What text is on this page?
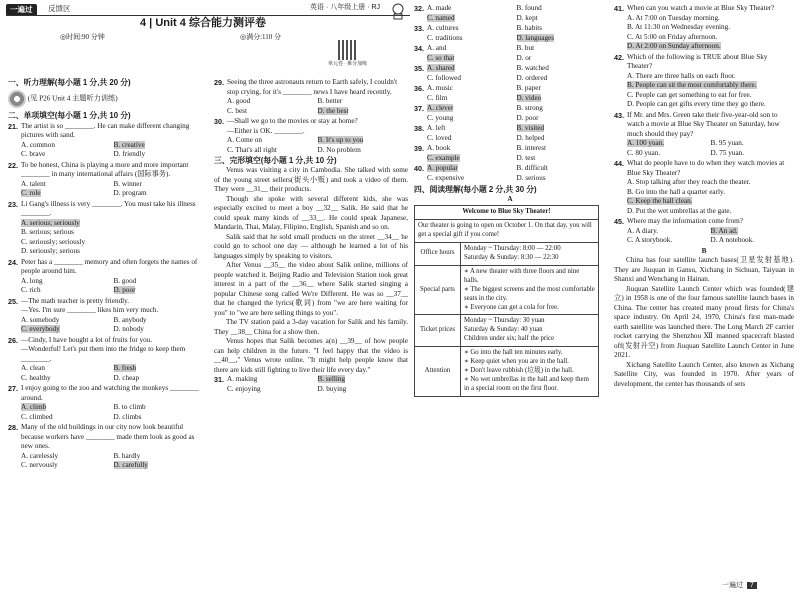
一遍过	反馈区	英语 · 八年级上册 · RJ
4 | Unit 4 综合能力测评卷
◎时间:90 分钟	◎满分:110 分
单元卷 · 难分加练
一、听力理解(每小题 1 分,共 20 分)
(见 P26 Unit 4 主题听力训练)
二、单项填空(每小题 1 分,共 10 分)
21. The artist is so ________. He can make different changing pictures with sand.
A. common	B. creative
C. brave	D. friendly
22. To be honest, China is playing a more and more important ________ in many international affairs (国际事务).
A. talent	B. winner
C. role	D. program
23. Li Gang's illness is very ________. You must take his illness ________.
A. serious; seriously
B. serious; serious
C. seriously; seriously
D. seriously; serious
24. Peter has a ________ memory and often forgets the names of people around him.
A. long	B. good
C. rich	D. poor
25. —The math teacher is pretty friendly.
—Yes. I'm sure ________ likes him very much.
A. somebody	B. anybody
C. everybody	D. nobody
26. —Cindy, I have bought a lot of fruits for you.
—Wonderful! Let's put them into the fridge to keep them ________.
A. clean	B. fresh
C. healthy	D. cheap
27. I enjoy going to the zoo and watching the monkeys ________ around.
A. climb	B. to climb
C. climbed	D. climbs
28. Many of the old buildings in our city now look beautiful because workers have ________ made them look as good as new ones.
A. carelessly	B. hardly
C. nervously	D. carefully
29. Seeing the three astronauts return to Earth safely, I couldn't stop crying, for it's ________ news I have heard recently.
A. good	B. better
C. best	D. the best
30. —Shall we go to the movies or stay at home?
—Either is OK. ________.
A. Come on	B. It's up to you
C. That's all right	D. No problem
三、完形填空(每小题 1 分,共 10 分)

Venus was visiting a city in Cambodia. She talked with some of the young street sellers(街头小贩) and took a video of them. They were __31__ their products.

Though she spoke with several different kids, she was especially excited to meet a boy __32__ Salik. He said that he could speak many kinds of __33__. He could speak Japanese, Mandarin, Thai, Malay, Filipino, English, Spanish and so on.

Salik said that he sold small products on the street __34__ he could go to school one day — although he learned a lot of his languages simply by speaking to visitors.

After Venus __35__ the video about Salik online, millions of people watched it. Beijing Radio and Television Station took great interest in a part of the __36__ where Salik started singing a popular Chinese song called We're Different. He was so __37__ that he changed the lyrics(歌词) from "we are here waiting for you" to "we are here selling things to you".

The TV station paid a 3-day vacation for Salik and his family. They __38__ China for a show then.

Venus hopes that Salik becomes a(n) __39__ of how people can help children in the future. "I feel happy that the video is __40__," Venus wrote online. "It might help people know that there are kids still fighting to live their life every day."

31. A. making	B. selling
C. enjoying	D. buying
32. A. made	B. found
C. named	D. kept
33. A. cultures	B. habits
C. traditions	D. languages
34. A. and	B. but
C. so that	D. or
35. A. shared	B. watched
C. followed	D. ordered
36. A. music	B. paper
C. film	D. video
37. A. clever	B. strong
C. young	D. poor
38. A. left	B. visited
C. loved	D. helped
39. A. book	B. interest
C. example	D. test
40. A. popular	B. difficult
C. expensive	D. serious
四、阅读理解(每小题 2 分,共 30 分)
A
Welcome to Blue Sky Theater!	
Our theater is going to open on October 1. On that day, you will get a special gift if you come!	
Office hours	Monday ~ Thursday: 8:00 — 22:00
Saturday & Sunday: 8:30 — 22:30

Special parts	∗ A new theater with three floors and nine halls.
∗ The biggest screens and the most comfortable seats in the city.
∗ Everyone can get a cola for free.

Ticket prices	Monday ~ Thursday: 30 yuan
Saturday & Sunday: 40 yuan
Children under six; half the price

Attention	∗ Go into the hall ten minutes early.
∗ Keep quiet when you are in the hall.
∗ Don't leave rubbish (垃圾) in the hall.
∗ No wet umbrellas in the hall and keep them in a special room on the first floor.
41. When can you watch a movie at Blue Sky Theater?
A. At 7:00 on Tuesday morning.
B. At 11:30 on Wednesday evening.
C. At 5:00 on Friday afternoon.
D. At 2:00 on Sunday afternoon.
42. Which of the following is TRUE about Blue Sky Theater?
A. There are three halls on each floor.
B. People can sit the most comfortably there.
C. People can get something to eat for free.
D. People can get gifts every time they go there.
43. If Mr. and Mrs. Green take their five-year-old son to watch a movie at Blue Sky Theater on Saturday, how much should they pay?
A. 100 yuan.	B. 95 yuan.
C. 80 yuan.	D. 75 yuan.
44. What do people have to do when they watch movies at Blue Sky Theater?
A. Stop talking after they reach the theater.
B. Go into the hall a quarter early.
C. Keep the hall clean.
D. Put the wet umbrellas at the gate.
45. Where may the information come from?
A. A diary.	B. An ad.
C. A storybook.	D. A notebook.
B

China has four satellite launch bases(卫星发射基地). They are Jiuquan in Gansu, Xichang in Sichuan, Taiyuan in Shanxi and Wenchang in Hainan.

Jiuquan Satellite Launch Center which was founded(建立) in 1958 is one of the four famous satellite launch bases in China. The center has created many proud firsts for China's space industry. On April 24, 1970, China's first man-made earth satellite was launched there. The Long March 2F carrier rocket carrying the Shenzhou Ⅻ manned spacecraft blasted off(发射升空) from Jiuquan Satellite Launch Center in June 2021.

Xichang Satellite Launch Center, also known as Xichang Satellite City, was founded in 1970. After years of development, the center has thousands of sets

一遍过 7
